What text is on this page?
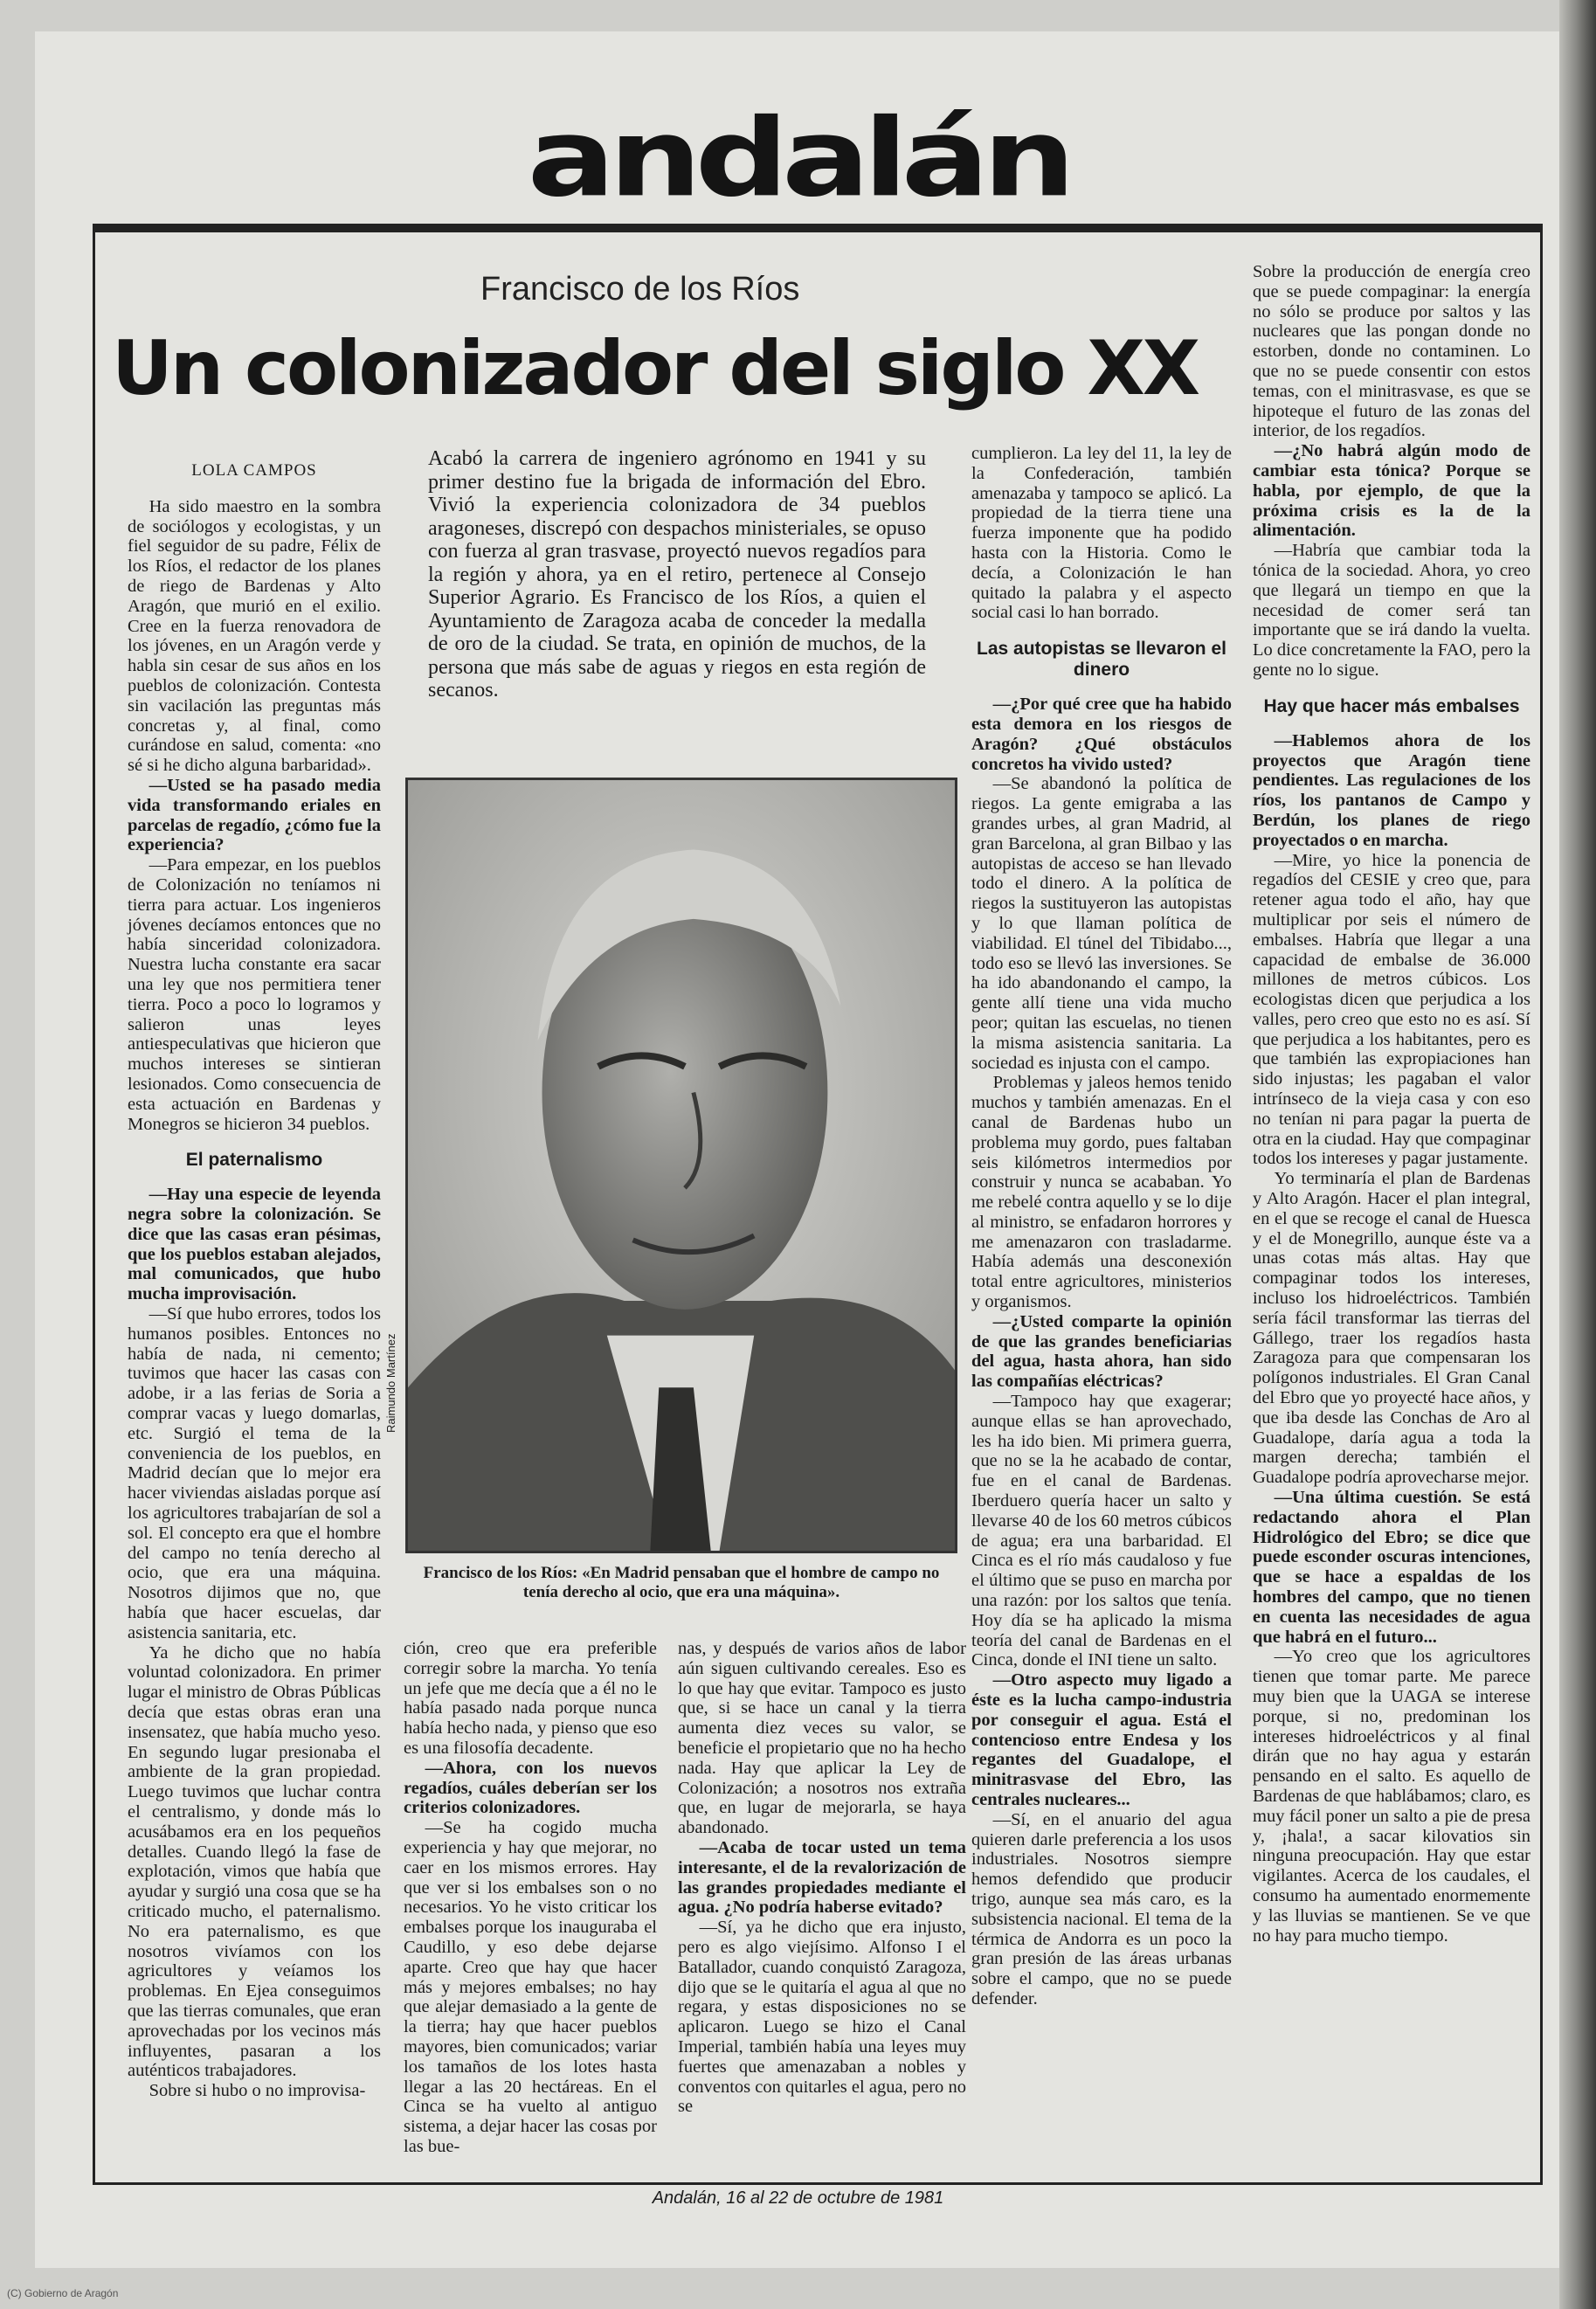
andalán
Francisco de los Ríos
Un colonizador del siglo XX

Acabó la carrera de ingeniero agrónomo en 1941 y su primer destino fue la brigada de información del Ebro. Vivió la experiencia colonizadora de 34 pueblos aragoneses, discrepó con despachos ministeriales, se opuso con fuerza al gran trasvase, proyectó nuevos regadíos para la región y ahora, ya en el retiro, pertenece al Consejo Superior Agrario. Es Francisco de los Ríos, a quien el Ayuntamiento de Zaragoza acaba de conceder la medalla de oro de la ciudad. Se trata, en opinión de muchos, de la persona que más sabe de aguas y riegos en esta región de secanos.

LOLA CAMPOS

Ha sido maestro en la sombra de sociólogos y ecologistas, y un fiel seguidor de su padre, Félix de los Ríos, el redactor de los planes de riego de Bardenas y Alto Aragón, que murió en el exilio. Cree en la fuerza renovadora de los jóvenes, en un Aragón verde y habla sin cesar de sus años en los pueblos de colonización. Contesta sin vacilación las preguntas más concretas y, al final, como curándose en salud, comenta: «no sé si he dicho alguna barbaridad».

—Usted se ha pasado media vida transformando eriales en parcelas de regadío, ¿cómo fue la experiencia?

—Para empezar, en los pueblos de Colonización no teníamos ni tierra para actuar. Los ingenieros jóvenes decíamos entonces que no había sinceridad colonizadora. Nuestra lucha constante era sacar una ley que nos permitiera tener tierra. Poco a poco lo logramos y salieron unas leyes antiespeculativas que hicieron que muchos intereses se sintieran lesionados. Como consecuencia de esta actuación en Bardenas y Monegros se hicieron 34 pueblos.

El paternalismo

—Hay una especie de leyenda negra sobre la colonización. Se dice que las casas eran pésimas, que los pueblos estaban alejados, mal comunicados, que hubo mucha improvisación.

—Sí que hubo errores, todos los humanos posibles. Entonces no había de nada, ni cemento; tuvimos que hacer las casas con adobe, ir a las ferias de Soria a comprar vacas y luego domarlas, etc. Surgió el tema de la conveniencia de los pueblos, en Madrid decían que lo mejor era hacer viviendas aisladas porque así los agricultores trabajarían de sol a sol. El concepto era que el hombre del campo no tenía derecho al ocio, que era una máquina. Nosotros dijimos que no, que había que hacer escuelas, dar asistencia sanitaria, etc.

Ya he dicho que no había voluntad colonizadora. En primer lugar el ministro de Obras Públicas decía que estas obras eran una insensatez, que había mucho yeso. En segundo lugar presionaba el ambiente de la gran propiedad. Luego tuvimos que luchar contra el centralismo, y donde más lo acusábamos era en los pequeños detalles. Cuando llegó la fase de explotación, vimos que había que ayudar y surgió una cosa que se ha criticado mucho, el paternalismo. No era paternalismo, es que nosotros vivíamos con los agricultores y veíamos los problemas. En Ejea conseguimos que las tierras comunales, que eran aprovechadas por los vecinos más influyentes, pasaran a los auténticos trabajadores.

Sobre si hubo o no improvisa-

ción, creo que era preferible corregir sobre la marcha. Yo tenía un jefe que me decía que a él no le había pasado nada porque nunca había hecho nada, y pienso que eso es una filosofía decadente.

—Ahora, con los nuevos regadíos, cuáles deberían ser los criterios colonizadores.

—Se ha cogido mucha experiencia y hay que mejorar, no caer en los mismos errores. Hay que ver si los embalses son o no necesarios. Yo he visto criticar los embalses porque los inauguraba el Caudillo, y eso debe dejarse aparte. Creo que hay que hacer más y mejores embalses; no hay que alejar demasiado a la gente de la tierra; hay que hacer pueblos mayores, bien comunicados; variar los tamaños de los lotes hasta llegar a las 20 hectáreas. En el Cinca se ha vuelto al antiguo sistema, a dejar hacer las cosas por las bue-

nas, y después de varios años de labor aún siguen cultivando cereales. Eso es lo que hay que evitar. Tampoco es justo que, si se hace un canal y la tierra aumenta diez veces su valor, se beneficie el propietario que no ha hecho nada. Hay que aplicar la Ley de Colonización; a nosotros nos extraña que, en lugar de mejorarla, se haya abandonado.

—Acaba de tocar usted un tema interesante, el de la revalorización de las grandes propiedades mediante el agua. ¿No podría haberse evitado?

—Sí, ya he dicho que era injusto, pero es algo viejísimo. Alfonso I el Batallador, cuando conquistó Zaragoza, dijo que se le quitaría el agua al que no regara, y estas disposiciones no se aplicaron. Luego se hizo el Canal Imperial, también había una leyes muy fuertes que amenazaban a nobles y conventos con quitarles el agua, pero no se

cumplieron. La ley del 11, la ley de la Confederación, también amenazaba y tampoco se aplicó. La propiedad de la tierra tiene una fuerza imponente que ha podido hasta con la Historia. Como le decía, a Colonización le han quitado la palabra y el aspecto social casi lo han borrado.

Las autopistas se llevaron el dinero

—¿Por qué cree que ha habido esta demora en los riesgos de Aragón? ¿Qué obstáculos concretos ha vivido usted?

—Se abandonó la política de riegos. La gente emigraba a las grandes urbes, al gran Madrid, al gran Barcelona, al gran Bilbao y las autopistas de acceso se han llevado todo el dinero. A la política de riegos la sustituyeron las autopistas y lo que llaman política de viabilidad. El túnel del Tibidabo..., todo eso se llevó las inversiones. Se ha ido abandonando el campo, la gente allí tiene una vida mucho peor; quitan las escuelas, no tienen la misma asistencia sanitaria. La sociedad es injusta con el campo.

Problemas y jaleos hemos tenido muchos y también amenazas. En el canal de Bardenas hubo un problema muy gordo, pues faltaban seis kilómetros intermedios por construir y nunca se acababan. Yo me rebelé contra aquello y se lo dije al ministro, se enfadaron horrores y me amenazaron con trasladarme. Había además una desconexión total entre agricultores, ministerios y organismos.

—¿Usted comparte la opinión de que las grandes beneficiarias del agua, hasta ahora, han sido las compañías eléctricas?

—Tampoco hay que exagerar; aunque ellas se han aprovechado, les ha ido bien. Mi primera guerra, que no se la he acabado de contar, fue en el canal de Bardenas. Iberduero quería hacer un salto y llevarse 40 de los 60 metros cúbicos de agua; era una barbaridad. El Cinca es el río más caudaloso y fue el último que se puso en marcha por una razón: por los saltos que tenía. Hoy día se ha aplicado la misma teoría del canal de Bardenas en el Cinca, donde el INI tiene un salto.

—Otro aspecto muy ligado a éste es la lucha campo-industria por conseguir el agua. Está el contencioso entre Endesa y los regantes del Guadalope, el minitrasvase del Ebro, las centrales nucleares...

—Sí, en el anuario del agua quieren darle preferencia a los usos industriales. Nosotros siempre hemos defendido que producir trigo, aunque sea más caro, es la subsistencia nacional. El tema de la térmica de Andorra es un poco la gran presión de las áreas urbanas sobre el campo, que no se puede defender.

Sobre la producción de energía creo que se puede compaginar: la energía no sólo se produce por saltos y las nucleares que las pongan donde no estorben, donde no contaminen. Lo que no se puede consentir con estos temas, con el minitrasvase, es que se hipoteque el futuro de las zonas del interior, de los regadíos.

—¿No habrá algún modo de cambiar esta tónica? Porque se habla, por ejemplo, de que la próxima crisis es la de la alimentación.

—Habría que cambiar toda la tónica de la sociedad. Ahora, yo creo que llegará un tiempo en que la necesidad de comer será tan importante que se irá dando la vuelta. Lo dice concretamente la FAO, pero la gente no lo sigue.

Hay que hacer más embalses

—Hablemos ahora de los proyectos que Aragón tiene pendientes. Las regulaciones de los ríos, los pantanos de Campo y Berdún, los planes de riego proyectados o en marcha.

—Mire, yo hice la ponencia de regadíos del CESIE y creo que, para retener agua todo el año, hay que multiplicar por seis el número de embalses. Habría que llegar a una capacidad de embalse de 36.000 millones de metros cúbicos. Los ecologistas dicen que perjudica a los valles, pero creo que esto no es así. Sí que perjudica a los habitantes, pero es que también las expropiaciones han sido injustas; les pagaban el valor intrínseco de la vieja casa y con eso no tenían ni para pagar la puerta de otra en la ciudad. Hay que compaginar todos los intereses y pagar justamente.

Yo terminaría el plan de Bardenas y Alto Aragón. Hacer el plan integral, en el que se recoge el canal de Huesca y el de Monegrillo, aunque éste va a unas cotas más altas. Hay que compaginar todos los intereses, incluso los hidroeléctricos. También sería fácil transformar las tierras del Gállego, traer los regadíos hasta Zaragoza para que compensaran los polígonos industriales. El Gran Canal del Ebro que yo proyecté hace años, y que iba desde las Conchas de Aro al Guadalope, daría agua a toda la margen derecha; también el Guadalope podría aprovecharse mejor.

—Una última cuestión. Se está redactando ahora el Plan Hidrológico del Ebro; se dice que puede esconder oscuras intenciones, que se hace a espaldas de los hombres del campo, que no tienen en cuenta las necesidades de agua que habrá en el futuro...

—Yo creo que los agricultores tienen que tomar parte. Me parece muy bien que la UAGA se interese porque, si no, predominan los intereses hidroeléctricos y al final dirán que no hay agua y estarán pensando en el salto. Es aquello de Bardenas de que hablábamos; claro, es muy fácil poner un salto a pie de presa y, ¡hala!, a sacar kilovatios sin ninguna preocupación. Hay que estar vigilantes. Acerca de los caudales, el consumo ha aumentado enormemente y las lluvias se mantienen. Se ve que no hay para mucho tiempo.

Raimundo Martínez
Francisco de los Ríos: «En Madrid pensaban que el hombre de campo no tenía derecho al ocio, que era una máquina».
Andalán, 16 al 22 de octubre de 1981
(C) Gobierno de Aragón
